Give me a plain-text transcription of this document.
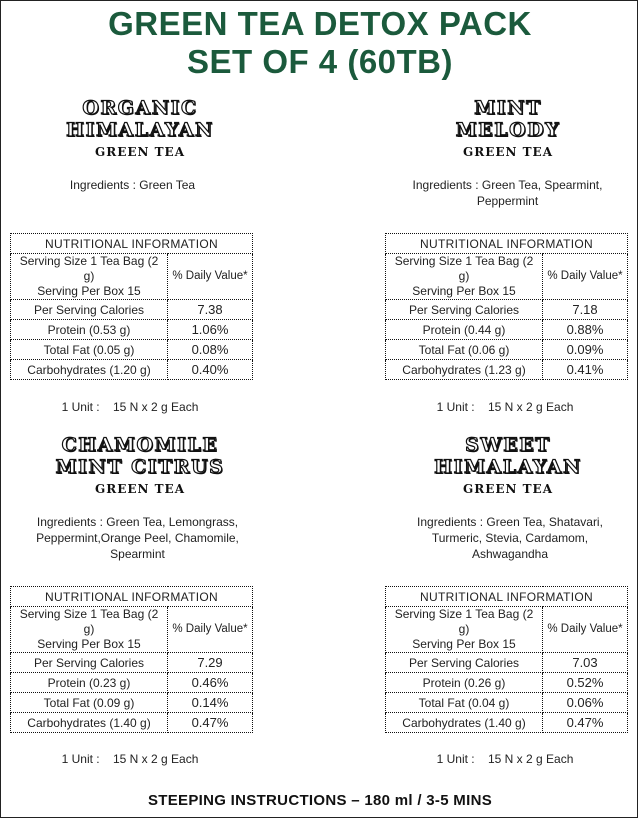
GREEN TEA DETOX PACK
SET OF 4 (60TB)
ORGANIC
HIMALAYAN
GREEN TEA
Ingredients : Green Tea
NUTRITIONAL INFORMATION	

Serving Size 1 Tea Bag (2 g)
Serving Per Box 15	% Daily Value*
Per Serving Calories	7.38
Protein (0.53 g)	1.06%
Total Fat (0.05 g)	0.08%
Carbohydrates (1.20 g)	0.40%
1 Unit : 15 N x 2 g Each
MINT
MELODY
GREEN TEA
Ingredients : Green Tea, Spearmint,
Peppermint
NUTRITIONAL INFORMATION	

Serving Size 1 Tea Bag (2 g)
Serving Per Box 15	% Daily Value*
Per Serving Calories	7.18
Protein (0.44 g)	0.88%
Total Fat (0.06 g)	0.09%
Carbohydrates (1.23 g)	0.41%
1 Unit : 15 N x 2 g Each
CHAMOMILE
MINT CITRUS
GREEN TEA
Ingredients : Green Tea, Lemongrass,
Peppermint,Orange Peel, Chamomile,
Spearmint
NUTRITIONAL INFORMATION	

Serving Size 1 Tea Bag (2 g)
Serving Per Box 15	% Daily Value*
Per Serving Calories	7.29
Protein (0.23 g)	0.46%
Total Fat (0.09 g)	0.14%
Carbohydrates (1.40 g)	0.47%
1 Unit : 15 N x 2 g Each
SWEET
HIMALAYAN
GREEN TEA
Ingredients : Green Tea, Shatavari,
Turmeric, Stevia, Cardamom,
Ashwagandha
NUTRITIONAL INFORMATION	

Serving Size 1 Tea Bag (2 g)
Serving Per Box 15	% Daily Value*
Per Serving Calories	7.03
Protein (0.26 g)	0.52%
Total Fat (0.04 g)	0.06%
Carbohydrates (1.40 g)	0.47%
1 Unit : 15 N x 2 g Each
STEEPING INSTRUCTIONS – 180 ml / 3-5 MINS
